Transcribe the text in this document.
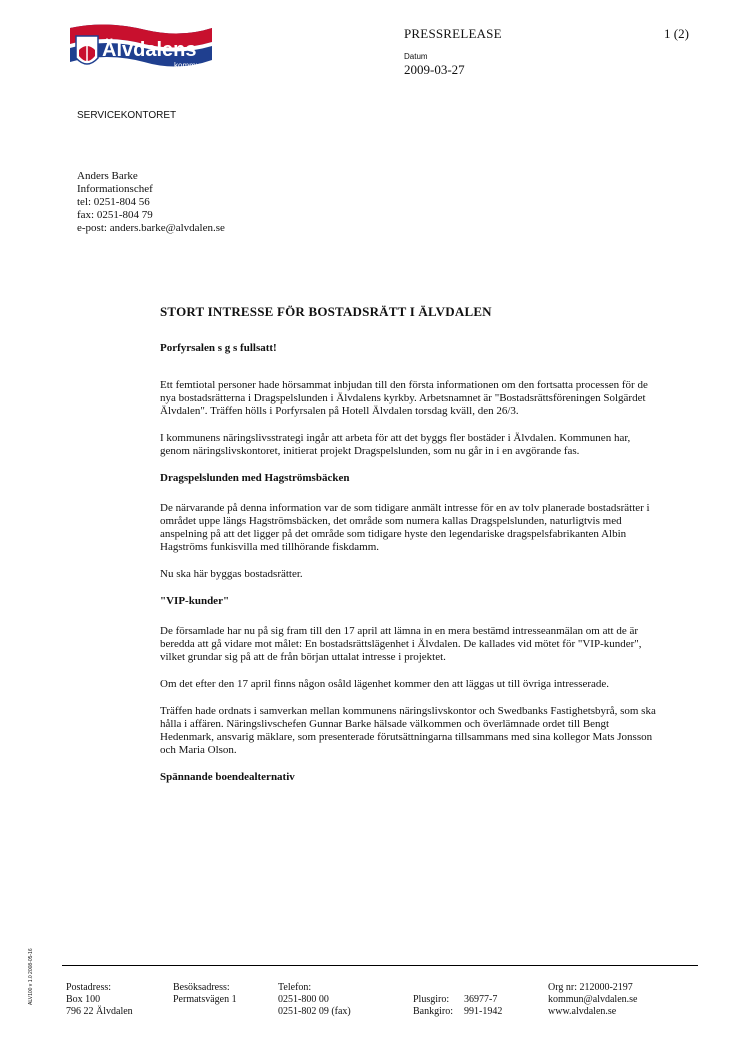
Älvdalens
kommun
PRESSRELEASE	1 (2)
Datum
2009-03-27
SERVICEKONTORET
Anders Barke
Informationschef
tel: 0251-804 56
fax: 0251-804 79
e-post: anders.barke@alvdalen.se
STORT INTRESSE FÖR BOSTADSRÄTT I ÄLVDALEN
Porfyrsalen s g s fullsatt!

Ett femtiotal personer hade hörsammat inbjudan till den första informationen om den fortsatta processen för de nya bostadsrätterna i Dragspelslunden i Älvdalens kyrkby. Arbetsnamnet är "Bostadsrättsföreningen Solgärdet Älvdalen". Träffen hölls i Porfyrsalen på Hotell Älvdalen torsdag kväll, den 26/3.

I kommunens näringslivsstrategi ingår att arbeta för att det byggs fler bostäder i Älvdalen. Kommunen har, genom näringslivskontoret, initierat projekt Dragspelslunden, som nu går in i en avgörande fas.

Dragspelslunden med Hagströmsbäcken

De närvarande på denna information var de som tidigare anmält intresse för en av tolv planerade bostadsrätter i området uppe längs Hagströmsbäcken, det område som numera kallas Dragspelslunden, naturligtvis med anspelning på att det ligger på det område som tidigare hyste den legendariske dragspelsfabrikanten Albin Hagströms funkisvilla med tillhörande fiskdamm.

Nu ska här byggas bostadsrätter.

"VIP-kunder"

De församlade har nu på sig fram till den 17 april att lämna in en mera bestämd intresseanmälan om att de är beredda att gå vidare mot målet: En bostadsrättslägenhet i Älvdalen. De kallades vid mötet för "VIP-kunder", vilket grundar sig på att de från början uttalat intresse i projektet.

Om det efter den 17 april finns någon osåld lägenhet kommer den att läggas ut till övriga intresserade.

Träffen hade ordnats i samverkan mellan kommunens näringslivskontor och Swedbanks Fastighetsbyrå, som ska hålla i affären. Näringslivschefen Gunnar Barke hälsade välkommen och överlämnade ordet till Bengt Hedenmark, ansvarig mäklare, som presenterade förutsättningarna tillsammans med sina kollegor Mats Jonsson och Maria Olson.

Spännande boendealternativ
ALV100 v 1.0 2008-05-16	Postadress:
Box 100
796 22 Älvdalen
Besöksadress:
Permatsvägen 1
Telefon:
0251-800 00
0251-802 09 (fax)
Plusgiro:
Bankgiro:
36977-7
991-1942
Org nr: 212000-2197
kommun@alvdalen.se
www.alvdalen.se
